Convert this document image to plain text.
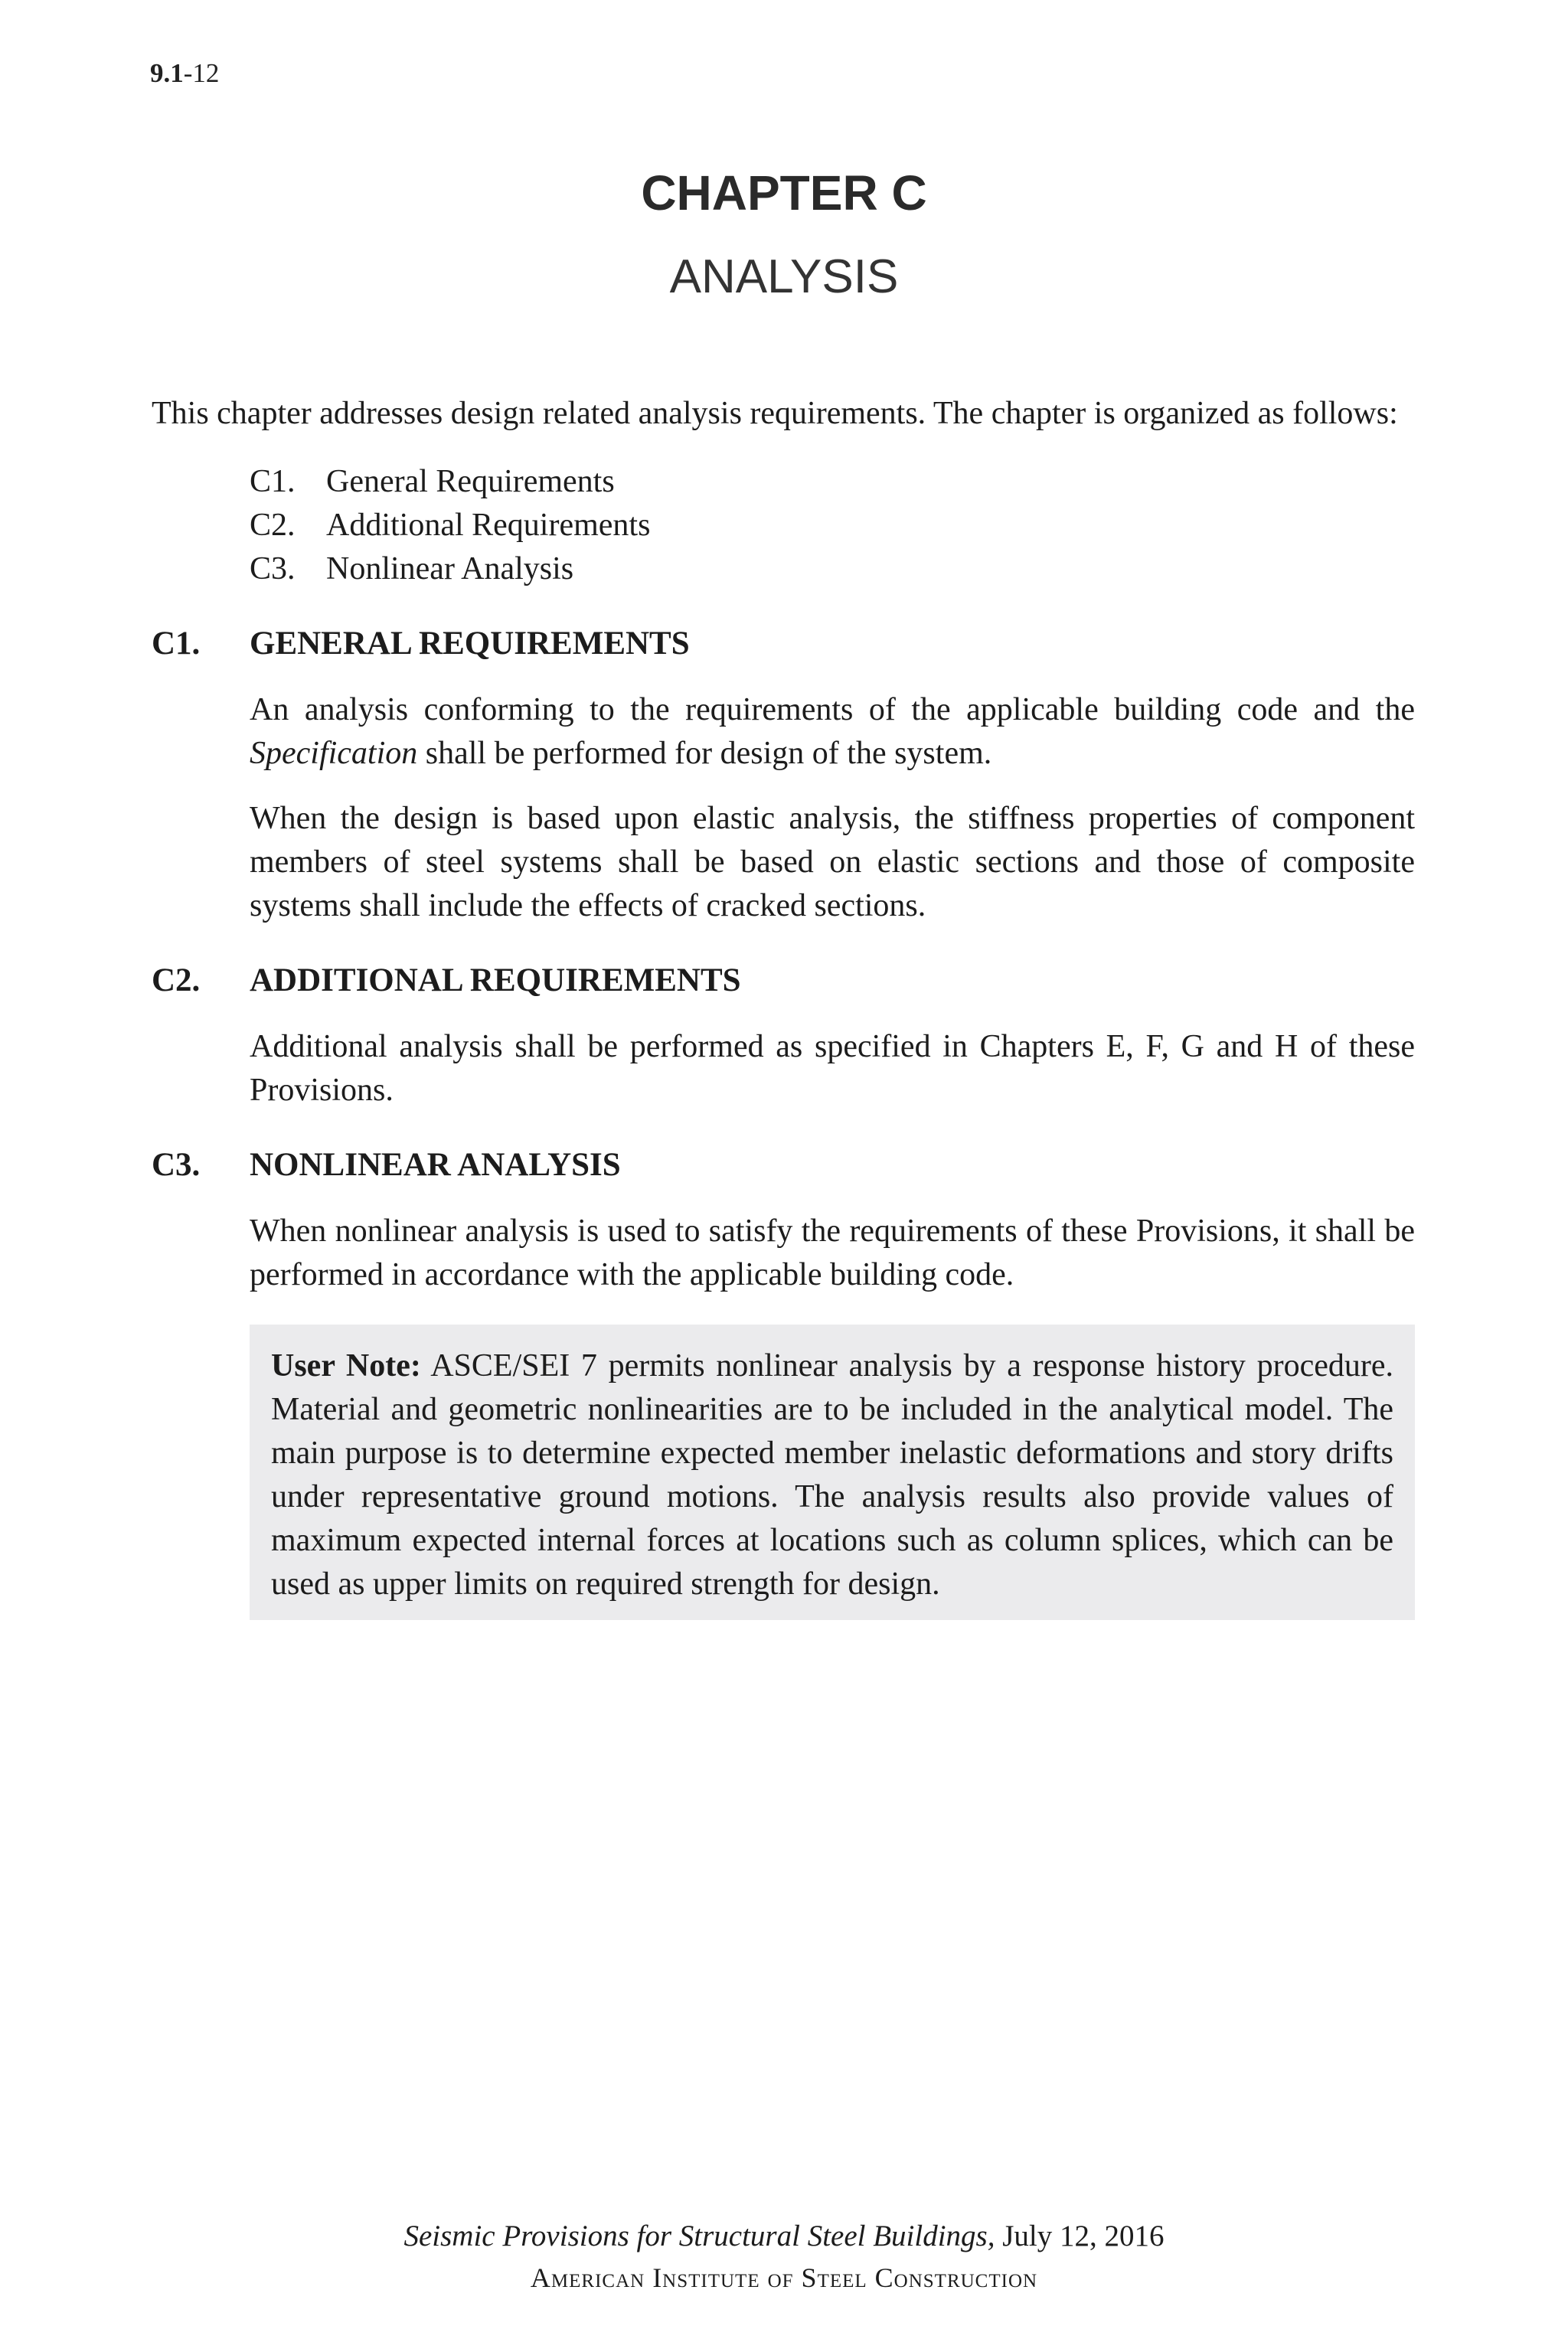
9.1-12
CHAPTER C
ANALYSIS

This chapter addresses design related analysis requirements. The chapter is organized as follows:

C1. General Requirements
C2. Additional Requirements
C3. Nonlinear Analysis
C1.	GENERAL REQUIREMENTS

An analysis conforming to the requirements of the applicable building code and the Specification shall be performed for design of the system.

When the design is based upon elastic analysis, the stiffness properties of component members of steel systems shall be based on elastic sections and those of composite systems shall include the effects of cracked sections.

C2.	ADDITIONAL REQUIREMENTS

Additional analysis shall be performed as specified in Chapters E, F, G and H of these Provisions.

C3.	NONLINEAR ANALYSIS

When nonlinear analysis is used to satisfy the requirements of these Provisions, it shall be performed in accordance with the applicable building code.

User Note: ASCE/SEI 7 permits nonlinear analysis by a response history procedure. Material and geometric nonlinearities are to be included in the analytical model. The main purpose is to determine expected member inelastic deformations and story drifts under representative ground motions. The analysis results also provide values of maximum expected internal forces at locations such as column splices, which can be used as upper limits on required strength for design.
Seismic Provisions for Structural Steel Buildings, July 12, 2016
American Institute of Steel Construction
